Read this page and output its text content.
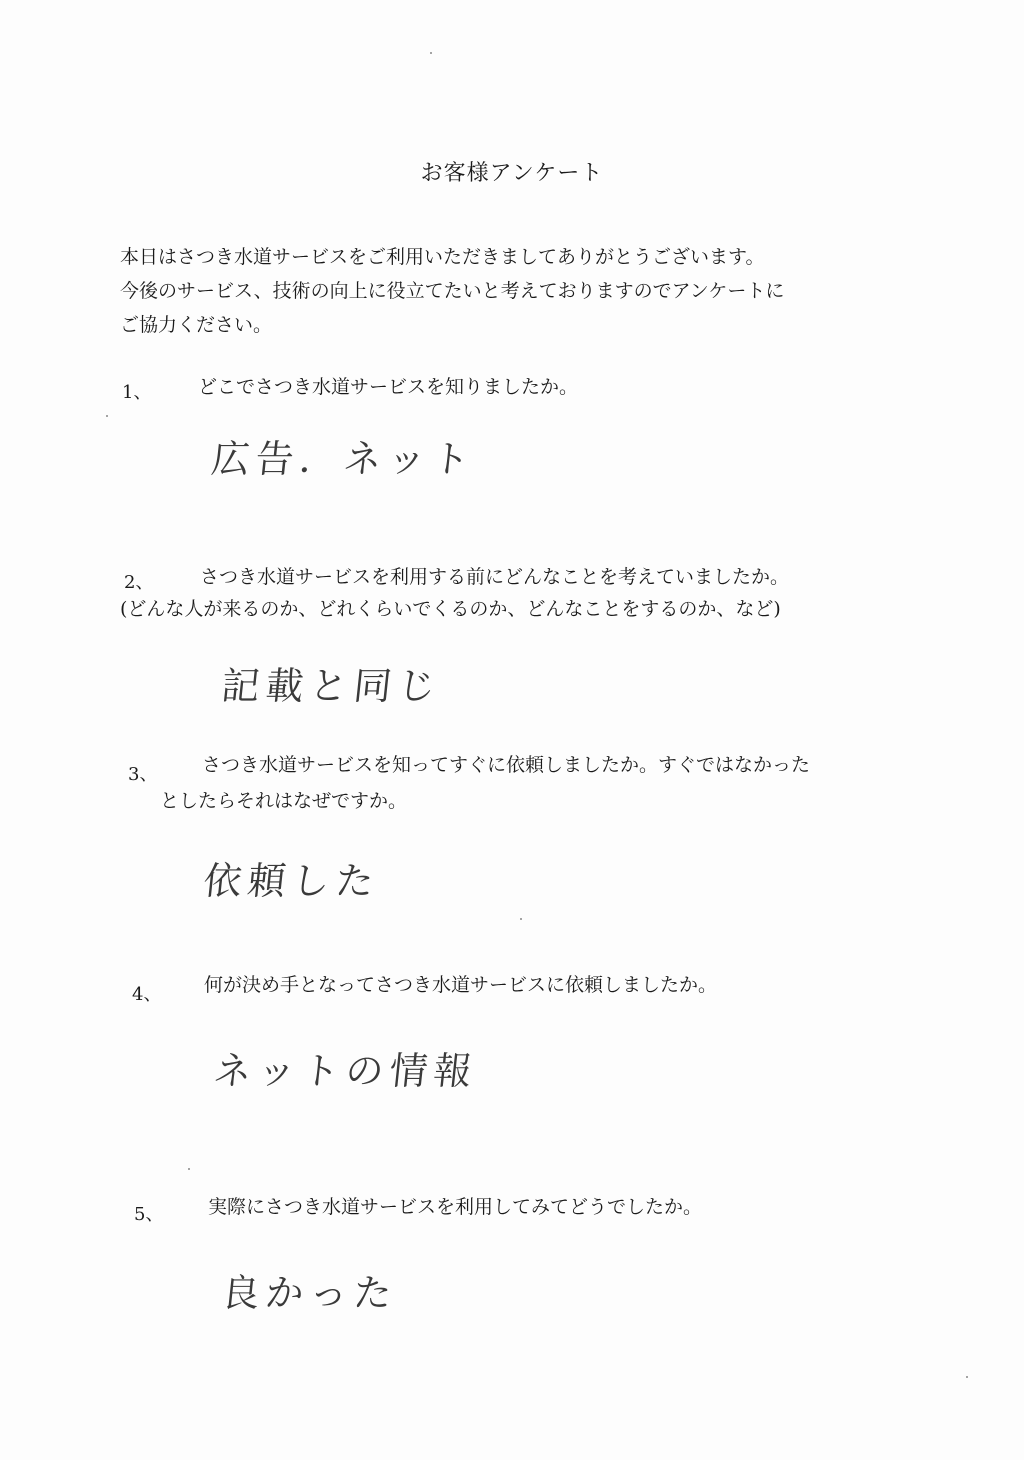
お客様アンケート
本日はさつき水道サービスをご利用いただきましてありがとうございます。
今後のサービス、技術の向上に役立てたいと考えておりますのでアンケートに
ご協力ください。
1、 どこでさつき水道サービスを知りましたか。
広告．ネット
2、 さつき水道サービスを利用する前にどんなことを考えていましたか。
(どんな人が来るのか、どれくらいでくるのか、どんなことをするのか、など)
記載と同じ
3、 さつき水道サービスを知ってすぐに依頼しましたか。すぐではなかった
としたらそれはなぜですか。
依頼した
4、 何が決め手となってさつき水道サービスに依頼しましたか。
ネットの情報
5、 実際にさつき水道サービスを利用してみてどうでしたか。
良かった
